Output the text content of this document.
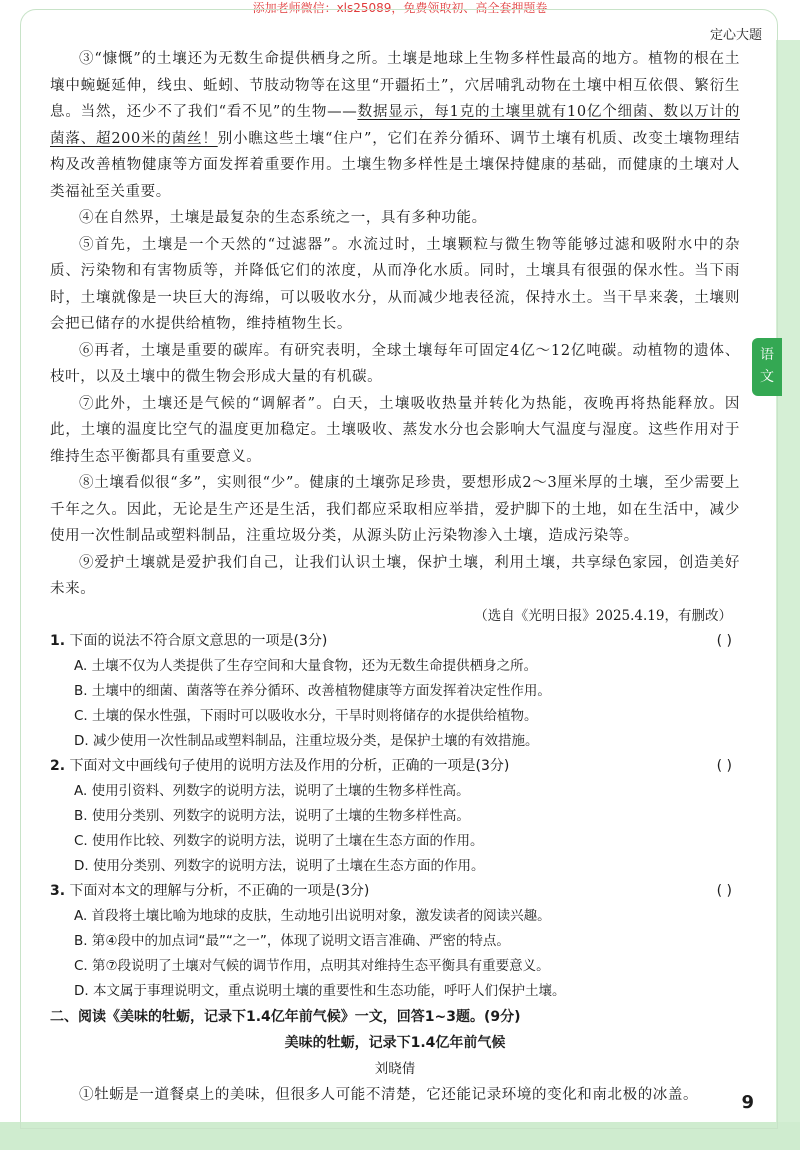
添加老师微信：xls25089，免费领取初、高全套押题卷
定心大题
语
文

③“慷慨”的土壤还为无数生命提供栖身之所。土壤是地球上生物多样性最高的地方。植物的根在土壤中蜿蜒延伸，线虫、蚯蚓、节肢动物等在这里“开疆拓土”，穴居哺乳动物在土壤中相互依偎、繁衍生息。当然，还少不了我们“看不见”的生物——数据显示，每1克的土壤里就有10亿个细菌、数以万计的菌落、超200米的菌丝！别小瞧这些土壤“住户”，它们在养分循环、调节土壤有机质、改变土壤物理结构及改善植物健康等方面发挥着重要作用。土壤生物多样性是土壤保持健康的基础，而健康的土壤对人类福祉至关重要。

④在自然界，土壤是最复杂的生态系统之一，具有多种功能。

⑤首先，土壤是一个天然的“过滤器”。水流过时，土壤颗粒与微生物等能够过滤和吸附水中的杂质、污染物和有害物质等，并降低它们的浓度，从而净化水质。同时，土壤具有很强的保水性。当下雨时，土壤就像是一块巨大的海绵，可以吸收水分，从而减少地表径流，保持水土。当干旱来袭，土壤则会把已储存的水提供给植物，维持植物生长。

⑥再者，土壤是重要的碳库。有研究表明，全球土壤每年可固定4亿～12亿吨碳。动植物的遗体、枝叶，以及土壤中的微生物会形成大量的有机碳。

⑦此外，土壤还是气候的“调解者”。白天，土壤吸收热量并转化为热能，夜晚再将热能释放。因此，土壤的温度比空气的温度更加稳定。土壤吸收、蒸发水分也会影响大气温度与湿度。这些作用对于维持生态平衡都具有重要意义。

⑧土壤看似很“多”，实则很“少”。健康的土壤弥足珍贵，要想形成2～3厘米厚的土壤，至少需要上千年之久。因此，无论是生产还是生活，我们都应采取相应举措，爱护脚下的土地，如在生活中，减少使用一次性制品或塑料制品，注重垃圾分类，从源头防止污染物渗入土壤，造成污染等。

⑨爱护土壤就是爱护我们自己，让我们认识土壤，保护土壤，利用土壤，共享绿色家园，创造美好未来。

（选自《光明日报》2025.4.19，有删改）

1. 下面的说法不符合原文意思的一项是(3分)	( )

A. 土壤不仅为人类提供了生存空间和大量食物，还为无数生命提供栖身之所。

B. 土壤中的细菌、菌落等在养分循环、改善植物健康等方面发挥着决定性作用。

C. 土壤的保水性强，下雨时可以吸收水分，干旱时则将储存的水提供给植物。

D. 减少使用一次性制品或塑料制品，注重垃圾分类，是保护土壤的有效措施。

2. 下面对文中画线句子使用的说明方法及作用的分析，正确的一项是(3分)	( )

A. 使用引资料、列数字的说明方法，说明了土壤的生物多样性高。

B. 使用分类别、列数字的说明方法，说明了土壤的生物多样性高。

C. 使用作比较、列数字的说明方法，说明了土壤在生态方面的作用。

D. 使用分类别、列数字的说明方法，说明了土壤在生态方面的作用。

3. 下面对本文的理解与分析，不正确的一项是(3分)	( )

A. 首段将土壤比喻为地球的皮肤，生动地引出说明对象，激发读者的阅读兴趣。

B. 第④段中的加点词“最”“之一”，体现了说明文语言准确、严密的特点。

C. 第⑦段说明了土壤对气候的调节作用，点明其对维持生态平衡具有重要意义。

D. 本文属于事理说明文，重点说明土壤的重要性和生态功能，呼吁人们保护土壤。

二、阅读《美味的牡蛎，记录下1.4亿年前气候》一文，回答1~3题。(9分)

美味的牡蛎，记录下1.4亿年前气候

刘晓倩

①牡蛎是一道餐桌上的美味，但很多人可能不清楚，它还能记录环境的变化和南北极的冰盖。	9
